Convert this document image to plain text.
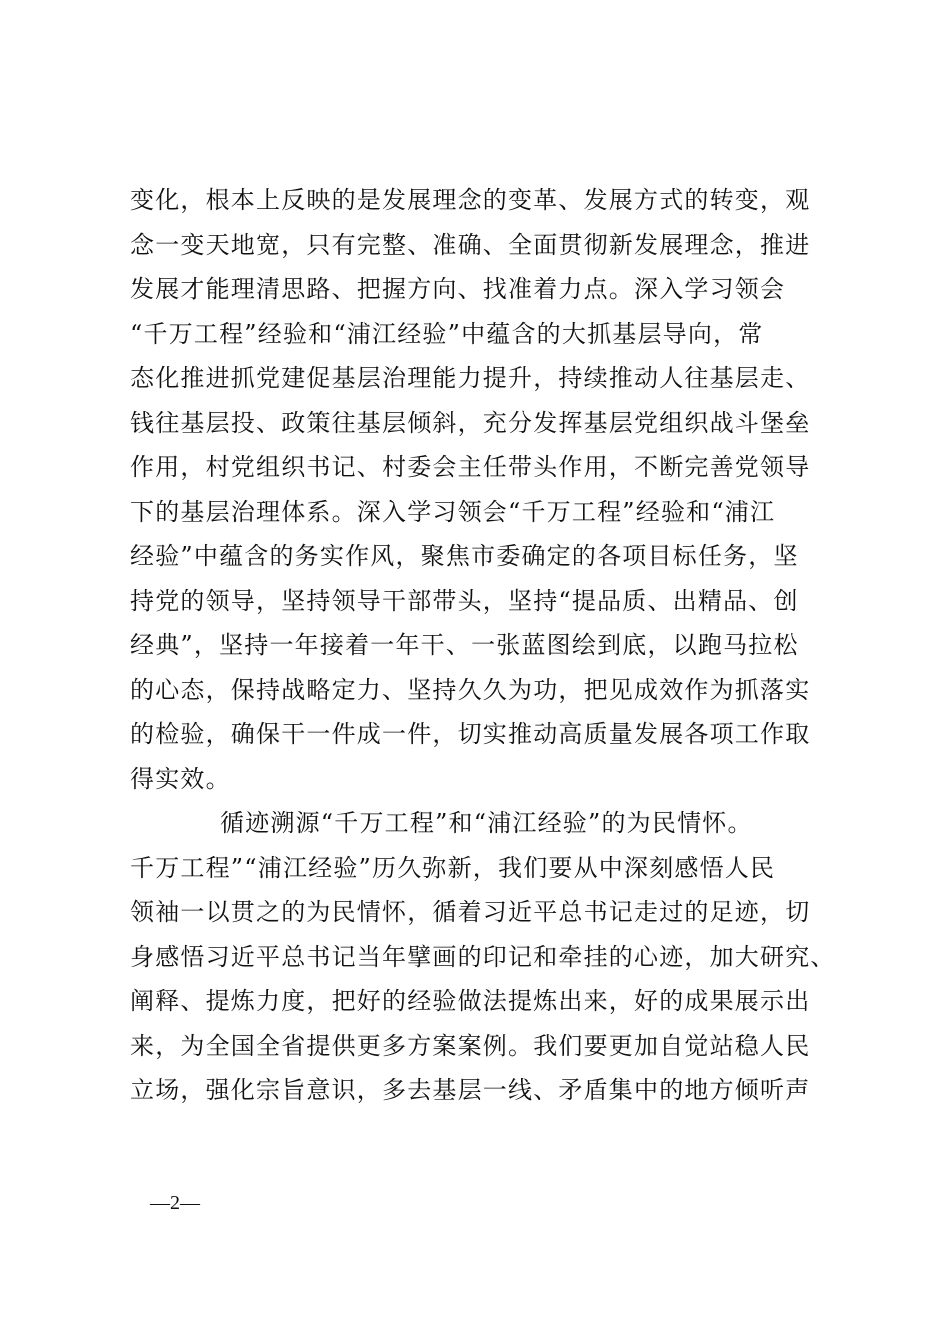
变化，根本上反映的是发展理念的变革、发展方式的转变，观
念一变天地宽，只有完整、准确、全面贯彻新发展理念，推进
发展才能理清思路、把握方向、找准着力点。深入学习领会
“千万工程”经验和“浦江经验”中蕴含的大抓基层导向，常
态化推进抓党建促基层治理能力提升，持续推动人往基层走、
钱往基层投、政策往基层倾斜，充分发挥基层党组织战斗堡垒
作用，村党组织书记、村委会主任带头作用，不断完善党领导
下的基层治理体系。深入学习领会“千万工程”经验和“浦江
经验”中蕴含的务实作风，聚焦市委确定的各项目标任务，坚
持党的领导，坚持领导干部带头，坚持“提品质、出精品、创
经典”，坚持一年接着一年干、一张蓝图绘到底，以跑马拉松
的心态，保持战略定力、坚持久久为功，把见成效作为抓落实
的检验，确保干一件成一件，切实推动高质量发展各项工作取
得实效。
循迹溯源“千万工程”和“浦江经验”的为民情怀。
千万工程”“浦江经验”历久弥新，我们要从中深刻感悟人民
领袖一以贯之的为民情怀，循着习近平总书记走过的足迹，切
身感悟习近平总书记当年擘画的印记和牵挂的心迹，加大研究、
阐释、提炼力度，把好的经验做法提炼出来，好的成果展示出
来，为全国全省提供更多方案案例。我们要更加自觉站稳人民
立场，强化宗旨意识，多去基层一线、矛盾集中的地方倾听声
—2—
